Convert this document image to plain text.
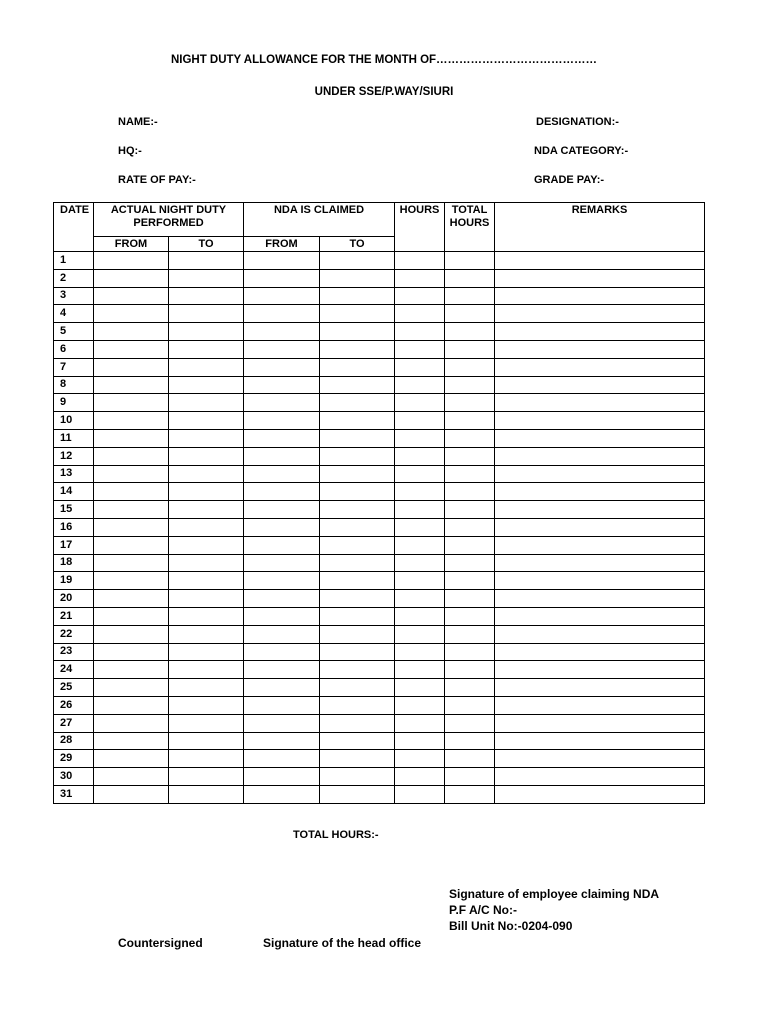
NIGHT DUTY ALLOWANCE FOR THE MONTH OF……………………………………
UNDER SSE/P.WAY/SIURI
NAME:-
HQ:-
RATE OF PAY:-
DESIGNATION:-
NDA CATEGORY:-
GRADE PAY:-
DATE	ACTUAL NIGHT DUTY PERFORMED		NDA IS CLAIMED		HOURS	TOTAL HOURS	REMARKS
	FROM	TO	FROM	TO			
1							
2							
3							
4							
5							
6							
7							
8							
9							
10							
11							
12							
13							
14							
15							
16							
17							
18							
19							
20							
21							
22							
23							
24							
25							
26							
27							
28							
29							
30							
31							
TOTAL HOURS:-
Signature of employee claiming NDA
P.F A/C No:-
Bill Unit No:-0204-090
Countersigned	Signature of the head office
